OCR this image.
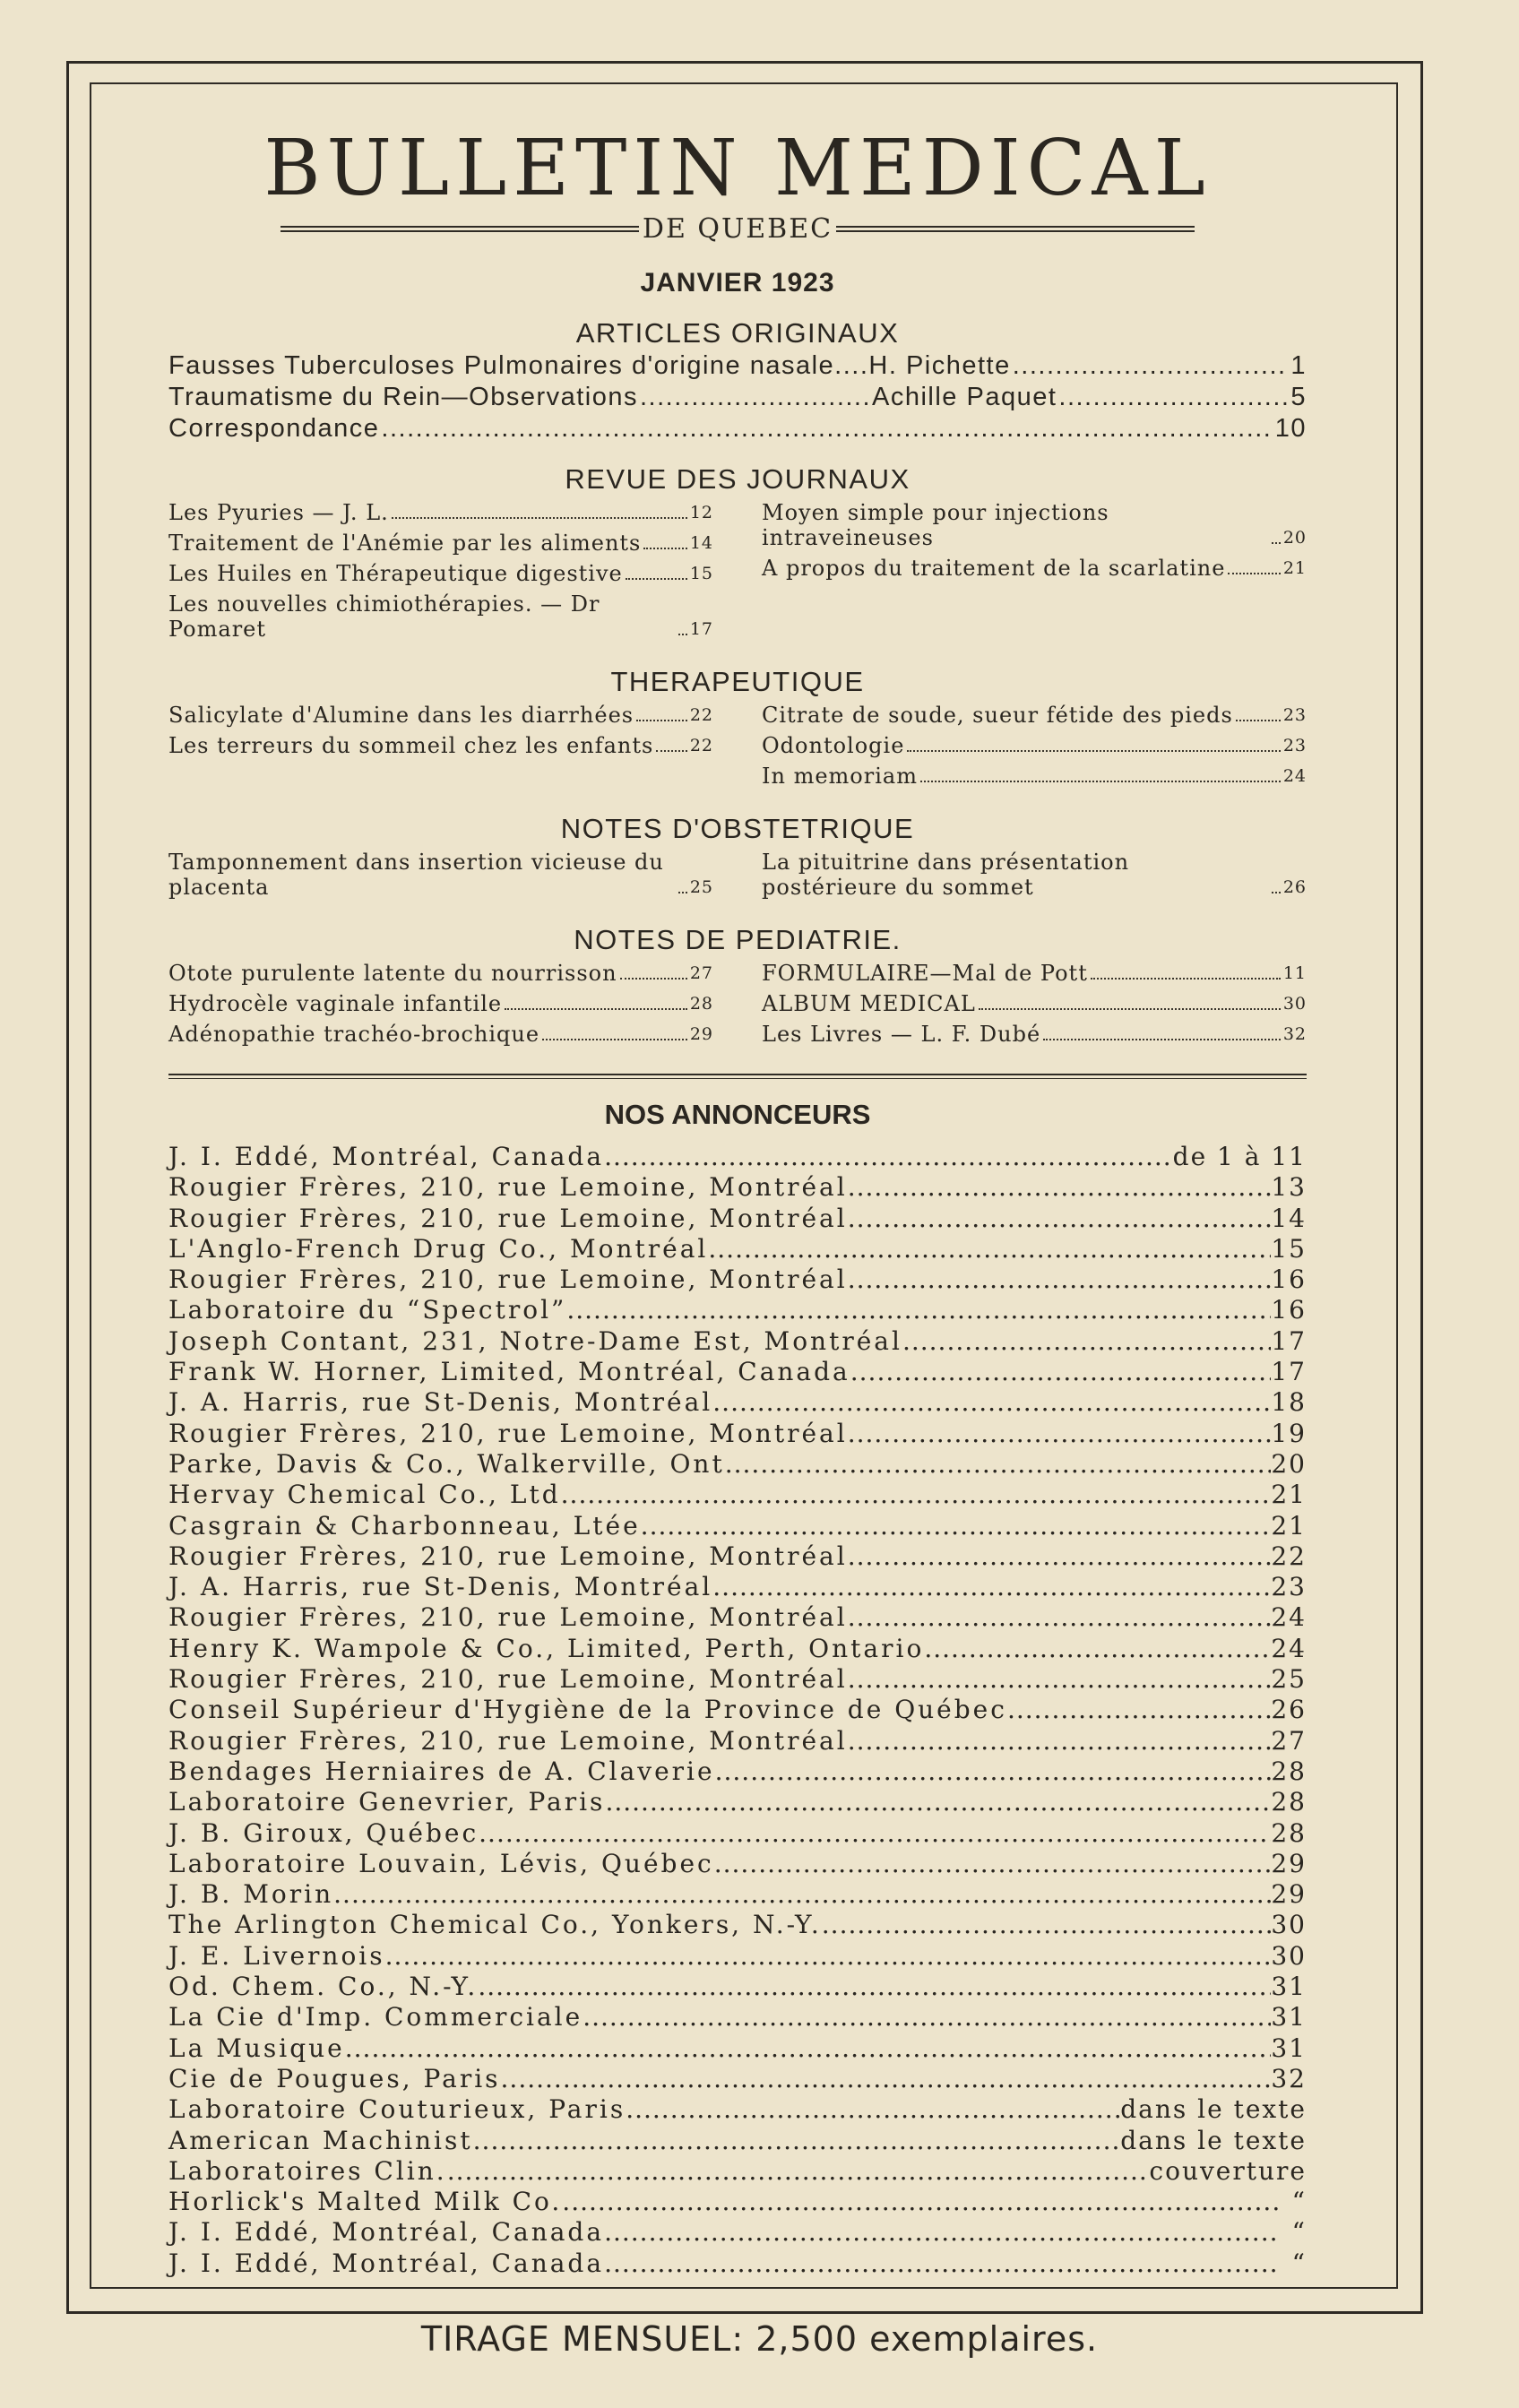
BULLETIN MEDICAL
DE QUEBEC
JANVIER 1923
ARTICLES ORIGINAUX
Fausses Tuberculoses Pulmonaires d'origine nasale....H. Pichette .....	1
Traumatisme du Rein—Observations .....	Achille Paquet .....	5
Correspondance .....	10
REVUE DES JOURNAUX
Les Pyuries — J. L.	12
Traitement de l'Anémie par les aliments	14
Les Huiles en Thérapeutique digestive	15
Les nouvelles chimiothérapies. — Dr Pomaret	17
Moyen simple pour injections intraveineuses	20
A propos du traitement de la scarlatine	21
THERAPEUTIQUE
Salicylate d'Alumine dans les diarrhées	22
Les terreurs du sommeil chez les enfants 22
Citrate de soude, sueur fétide des pieds	23
Odontologie	23
In memoriam	24
NOTES D'OBSTETRIQUE
Tamponnement dans insertion vicieuse du placenta	25
La pituitrine dans présentation postérieure du sommet	26
NOTES DE PEDIATRIE.
Otote purulente latente du nourrisson	27
Hydrocèle vaginale infantile	28
Adénopathie trachéo-brochique	29
FORMULAIRE—Mal de Pott	11
ALBUM MEDICAL	30
Les Livres — L. F. Dubé	32
NOS ANNONCEURS
J. I. Eddé, Montréal, Canada .....	de 1 à 11
Rougier Frères, 210, rue Lemoine, Montréal .....	13
Rougier Frères, 210, rue Lemoine, Montréal .....	14
L'Anglo-French Drug Co., Montréal .....	15
Rougier Frères, 210, rue Lemoine, Montréal .....	16
Laboratoire du “Spectrol” .....	16
Joseph Contant, 231, Notre-Dame Est, Montréal .....	17
Frank W. Horner, Limited, Montréal, Canada .....	17
J. A. Harris, rue St-Denis, Montréal .....	18
Rougier Frères, 210, rue Lemoine, Montréal .....	19
Parke, Davis & Co., Walkerville, Ont .....	20
Hervay Chemical Co., Ltd .....	21
Casgrain & Charbonneau, Ltée .....	21
Rougier Frères, 210, rue Lemoine, Montréal .....	22
J. A. Harris, rue St-Denis, Montréal .....	23
Rougier Frères, 210, rue Lemoine, Montréal .....	24
Henry K. Wampole & Co., Limited, Perth, Ontario .....	24
Rougier Frères, 210, rue Lemoine, Montréal .....	25
Conseil Supérieur d'Hygiène de la Province de Québec .....	26
Rougier Frères, 210, rue Lemoine, Montréal .....	27
Bendages Herniaires de A. Claverie .....	28
Laboratoire Genevrier, Paris .....	28
J. B. Giroux, Québec .....	28
Laboratoire Louvain, Lévis, Québec .....	29
J. B. Morin .....	29
The Arlington Chemical Co., Yonkers, N.-Y. .....	30
J. E. Livernois .....	30
Od. Chem. Co., N.-Y. .....	31
La Cie d'Imp. Commerciale .....	31
La Musique .....	31
Cie de Pougues, Paris .....	32
Laboratoire Couturieux, Paris .....	dans le texte
American Machinist .....	dans le texte
Laboratoires Clin. .....	couverture
Horlick's Malted Milk Co. .....	“
J. I. Eddé, Montréal, Canada .....	“
J. I. Eddé, Montréal, Canada .....	“
TIRAGE MENSUEL: 2,500 exemplaires.
